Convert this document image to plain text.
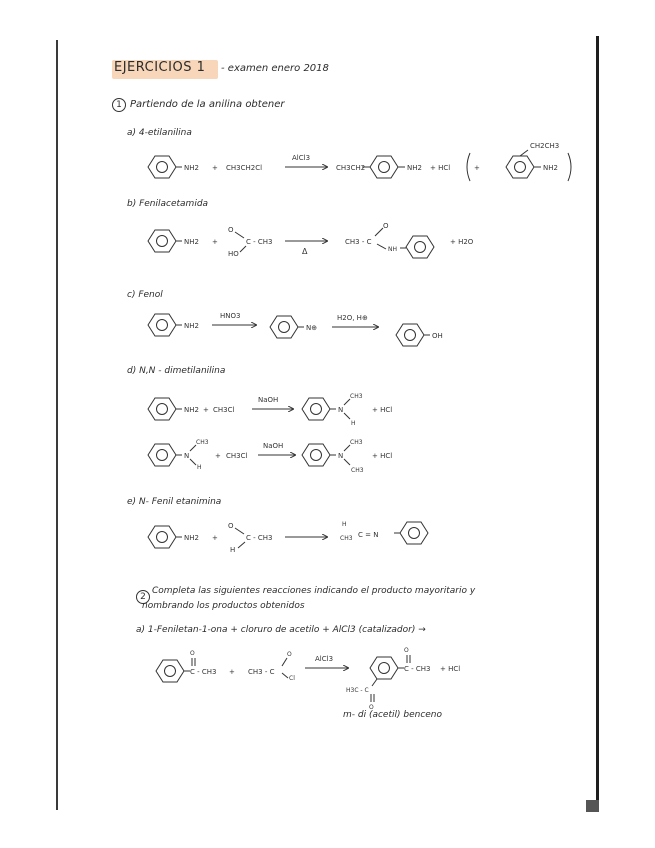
EJERCICIOS 1 - examen enero 2018
1 Partiendo de la anilina obtener
a) 4-etilanilina
b) Fenilacetamida
c) Fenol
d) N,N - dimetilanilina
e) N- Fenil etanimina
2
Completa las siguientes reacciones indicando el producto mayoritario y
nombrando los productos obtenidos
a) 1-Feniletan-1-ona + cloruro de acetilo + AlCl3 (catalizador) →
m- di (acetil) benceno
NH2 + CH3CH2Cl
AlCl3
CH3CH2	NH2 + HCl	+
CH2CH3
NH2
NH2 +
O
C - CH3
HO	Δ
CH3 - C
O
NH
+ H2O
NH2
HNO3
N⊕
H2O, H⊕
OH
NH2 + CH3Cl
NaOH
N
CH3
H
+ HCl
N
CH3
H
+ CH3Cl
NaOH
N
CH3
CH3
+ HCl
NH2 +
O
C - CH3
H
H
CH3 C = N
C - CH3
O
+ CH3 - C
O
Cl
AlCl3
C - CH3
O
H3C - C
O
+ HCl
